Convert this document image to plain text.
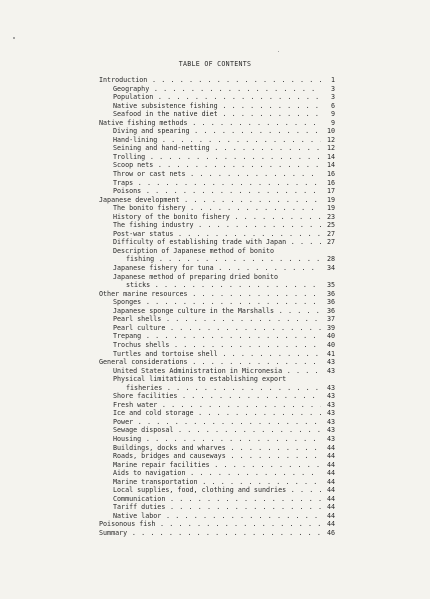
TABLE OF CONTENTS
Introduction . . .	1
Geography . . .	3
Population . . .	3
Native subsistence fishing . . .	6
Seafood in the native diet . . .	9
Native fishing methods . . .	9
Diving and spearing . . .	10
Hand-lining . . .	12
Seining and hand-netting . . .	12
Trolling . . .	14
Scoop nets . . .	14
Throw or cast nets . . .	16
Traps . . .	16
Poisons . . .	17
Japanese development . . .	19
The bonito fishery . . .	19
History of the bonito fishery . . .	23
The fishing industry . . .	25
Post-war status . . .	27
Difficulty of establishing trade with Japan . . .	27
Description of Japanese method of bonito
fishing . . .	28
Japanese fishery for tuna . . .	34
Japanese method of preparing dried bonito
sticks . . .	35
Other marine resources . . .	36
Sponges . . .	36
Japanese sponge culture in the Marshalls . . .	36
Pearl shells . . .	37
Pearl culture . . .	39
Trepang . . .	40
Trochus shells . . .	40
Turtles and tortoise shell . . .	41
General considerations . . .	43
United States Administration in Micronesia . . .	43
Physical limitations to establishing export
fisheries . . .	43
Shore facilities . . .	43
Fresh water . . .	43
Ice and cold storage . . .	43
Power . . .	43
Sewage disposal . . .	43
Housing . . .	43
Buildings, docks and wharves . . .	44
Roads, bridges and causeways . . .	44
Marine repair facilities . . .	44
Aids to navigation . . .	44
Marine transportation . . .	44
Local supplies, food, clothing and sundries . . .	44
Communication . . .	44
Tariff duties . . .	44
Native labor . . .	44
Poisonous fish . . .	44
Summary . . .	46
